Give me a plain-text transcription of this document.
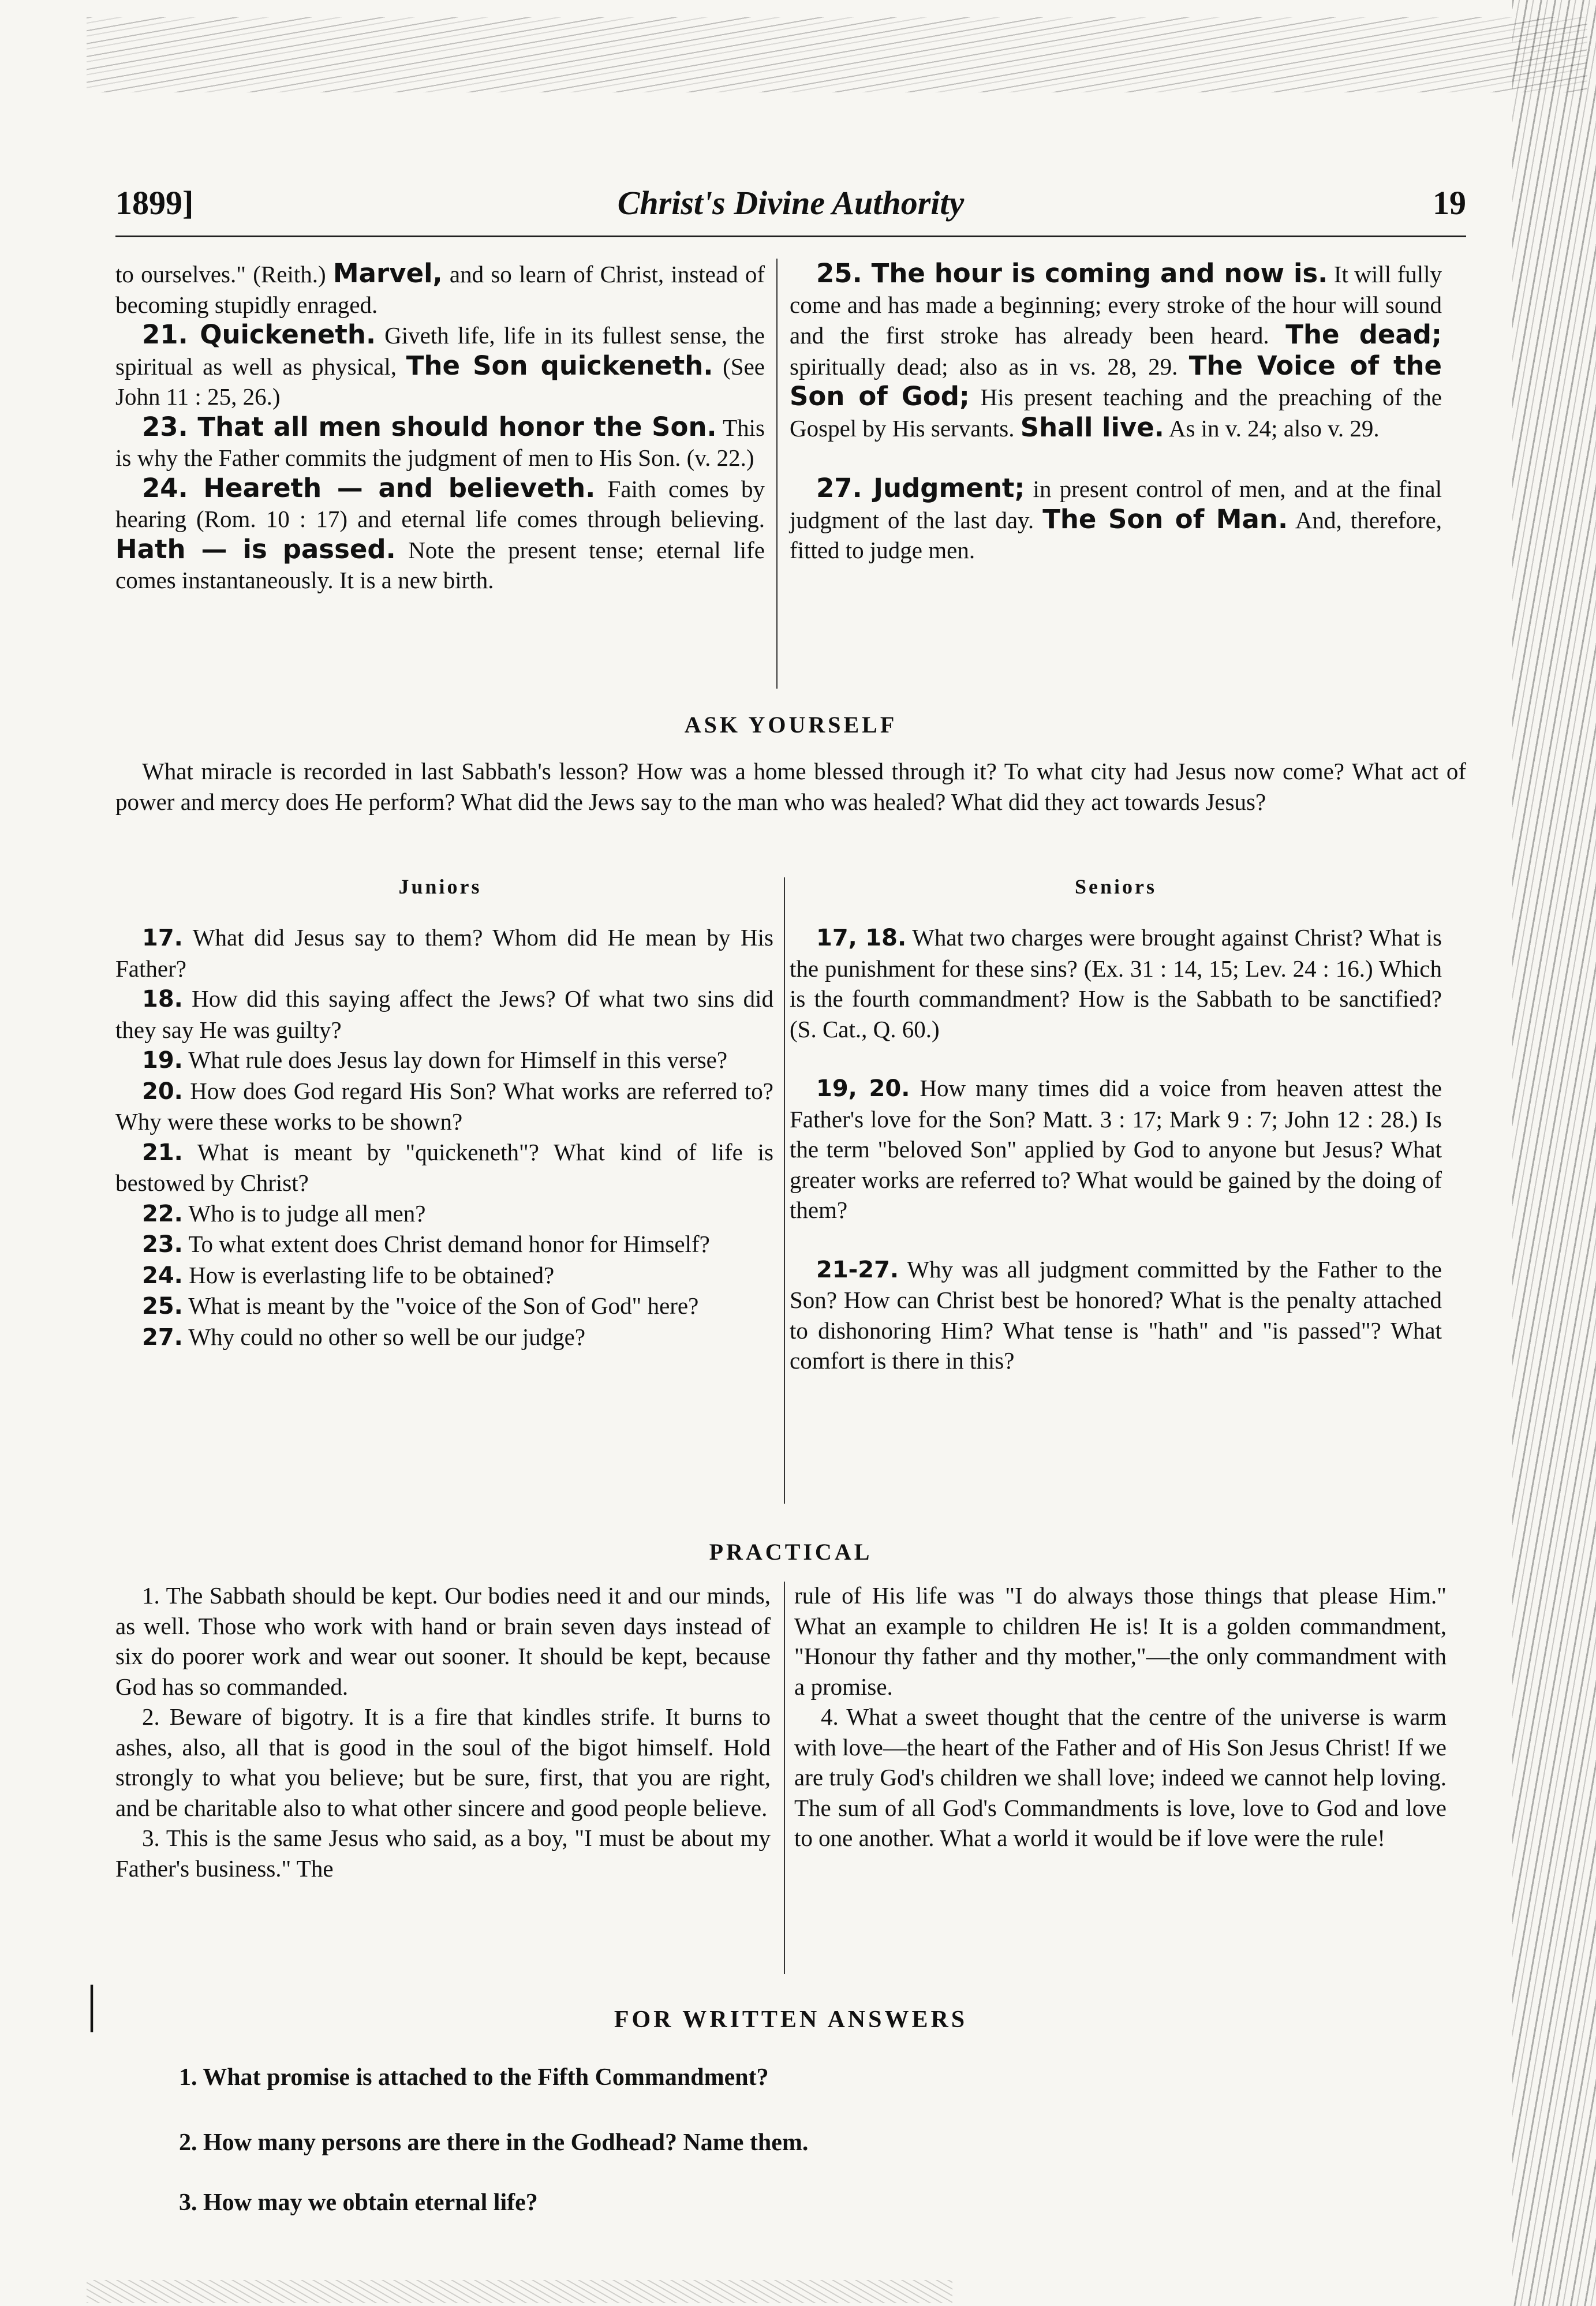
Christ's Divine Authority
1899]	19

to ourselves." (Reith.) Marvel, and so learn of Christ, instead of becoming stupidly enraged.

21. Quickeneth. Giveth life, life in its fullest sense, the spiritual as well as physical, The Son quickeneth. (See John 11 : 25, 26.)

23. That all men should honor the Son. This is why the Father commits the judgment of men to His Son. (v. 22.)

24. Heareth — and believeth. Faith comes by hearing (Rom. 10 : 17) and eternal life comes through believing. Hath — is passed. Note the present tense; eternal life comes instantaneously. It is a new birth.

25. The hour is coming and now is. It will fully come and has made a beginning; every stroke of the hour will sound and the first stroke has already been heard. The dead; spiritually dead; also as in vs. 28, 29. The Voice of the Son of God; His present teaching and the preaching of the Gospel by His servants. Shall live. As in v. 24; also v. 29.

27. Judgment; in present control of men, and at the final judgment of the last day. The Son of Man. And, therefore, fitted to judge men.

ASK YOURSELF

What miracle is recorded in last Sabbath's lesson? How was a home blessed through it? To what city had Jesus now come? What act of power and mercy does He perform? What did the Jews say to the man who was healed? What did they act towards Jesus?

Juniors	Seniors

17. What did Jesus say to them? Whom did He mean by His Father?

18. How did this saying affect the Jews? Of what two sins did they say He was guilty?

19. What rule does Jesus lay down for Himself in this verse?

20. How does God regard His Son? What works are referred to? Why were these works to be shown?

21. What is meant by "quickeneth"? What kind of life is bestowed by Christ?

22. Who is to judge all men?

23. To what extent does Christ demand honor for Himself?

24. How is everlasting life to be obtained?

25. What is meant by the "voice of the Son of God" here?

27. Why could no other so well be our judge?

17, 18. What two charges were brought against Christ? What is the punishment for these sins? (Ex. 31 : 14, 15; Lev. 24 : 16.) Which is the fourth commandment? How is the Sabbath to be sanctified? (S. Cat., Q. 60.)

19, 20. How many times did a voice from heaven attest the Father's love for the Son? Matt. 3 : 17; Mark 9 : 7; John 12 : 28.) Is the term "beloved Son" applied by God to anyone but Jesus? What greater works are referred to? What would be gained by the doing of them?

21-27. Why was all judgment committed by the Father to the Son? How can Christ best be honored? What is the penalty attached to dishonoring Him? What tense is "hath" and "is passed"? What comfort is there in this?

PRACTICAL

1. The Sabbath should be kept. Our bodies need it and our minds, as well. Those who work with hand or brain seven days instead of six do poorer work and wear out sooner. It should be kept, because God has so commanded.

2. Beware of bigotry. It is a fire that kindles strife. It burns to ashes, also, all that is good in the soul of the bigot himself. Hold strongly to what you believe; but be sure, first, that you are right, and be charitable also to what other sincere and good people believe.

3. This is the same Jesus who said, as a boy, "I must be about my Father's business." The

rule of His life was "I do always those things that please Him." What an example to children He is! It is a golden commandment, "Honour thy father and thy mother,"—the only commandment with a promise.

4. What a sweet thought that the centre of the universe is warm with love—the heart of the Father and of His Son Jesus Christ! If we are truly God's children we shall love; indeed we cannot help loving. The sum of all God's Commandments is love, love to God and love to one another. What a world it would be if love were the rule!

FOR WRITTEN ANSWERS
1. What promise is attached to the Fifth Commandment?
2. How many persons are there in the Godhead? Name them.
3. How may we obtain eternal life?
|
